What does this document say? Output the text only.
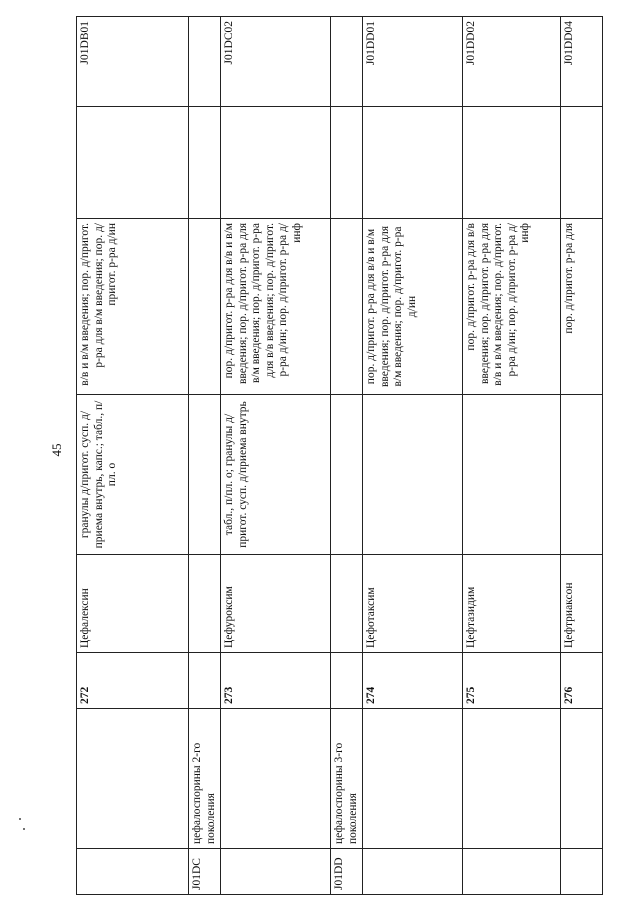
45
		272	Цефалексин	гранулы д/пригот. сусп. д/приема внутрь, капс.; табл., п/пл. о	в/в и в/м введения; пор. д/пригот. р-ра для в/м введения; пор. д/пригот. р-ра д/ин		J01DB01
J01DC	цефалоспорины 2-го поколения						
		273	Цефуроксим	табл., п/пл. о; гранулы д/пригот. сусп. д/приема внутрь	пор. д/пригот. р-ра для в/в и в/м введения; пор. д/пригот. р-ра для в/м введения; пор. д/пригот. р-ра для в/в введения; пор. д/пригот. р-ра д/ин; пор. д/пригот. р-ра д/инф		J01DC02
J01DD	цефалоспорины 3-го поколения						
		274	Цефотаксим		пор. д/пригот. р-ра для в/в и в/м введения; пор. д/пригот. р-ра для в/м введения; пор. д/пригот. р-ра д/ин		J01DD01
		275	Цефтазидим		пор. д/пригот. р-ра для в/в введения; пор. д/пригот. р-ра для в/в и в/м введения; пор. д/пригот. р-ра д/ин; пор. д/пригот. р-ра д/инф		J01DD02
		276	Цефтриаксон		пор. д/пригот. р-ра для		J01DD04
